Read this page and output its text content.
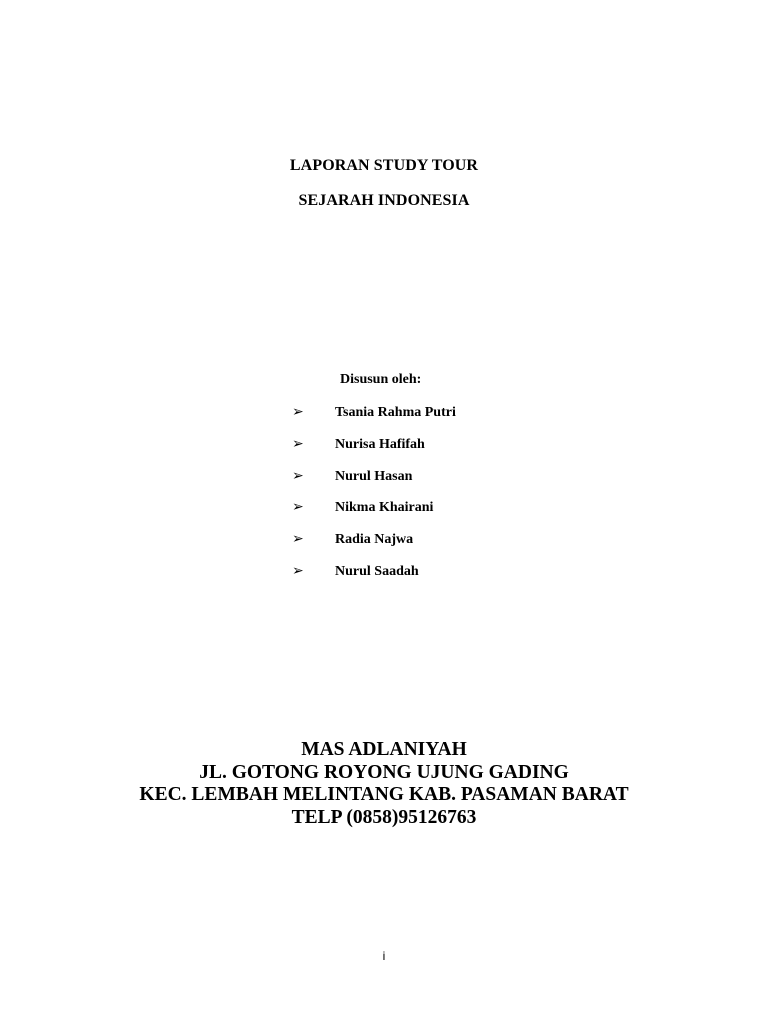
LAPORAN STUDY TOUR
SEJARAH INDONESIA
Disusun oleh:
➢	Tsania Rahma Putri
➢	Nurisa Hafifah
➢	Nurul Hasan
➢	Nikma Khairani
➢	Radia Najwa
➢	Nurul Saadah
MAS ADLANIYAH
JL. GOTONG ROYONG UJUNG GADING
KEC. LEMBAH MELINTANG KAB. PASAMAN BARAT
TELP (0858)95126763
i
